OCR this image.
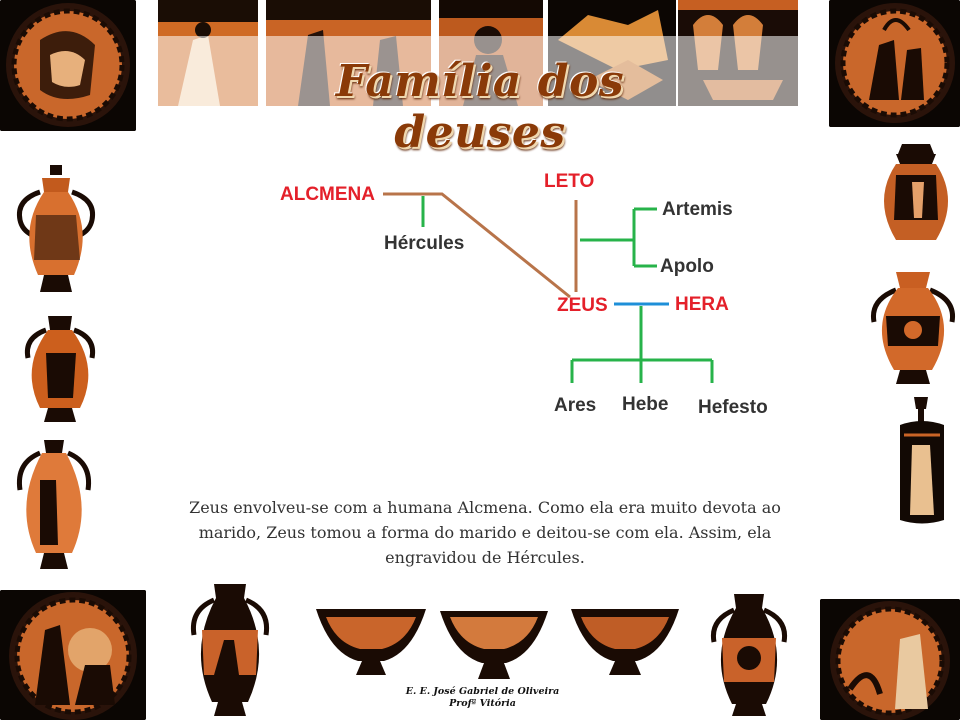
Família dos deuses
ALCMENA
Hércules
LETO
Artemis
Apolo
ZEUS	HERA
Ares Hebe Hefesto
Zeus envolveu-se com a humana Alcmena. Como ela era muito devota ao marido, Zeus tomou a forma do marido e deitou-se com ela. Assim, ela engravidou de Hércules.
E. E. José Gabriel de Oliveira
Profª Vitória
